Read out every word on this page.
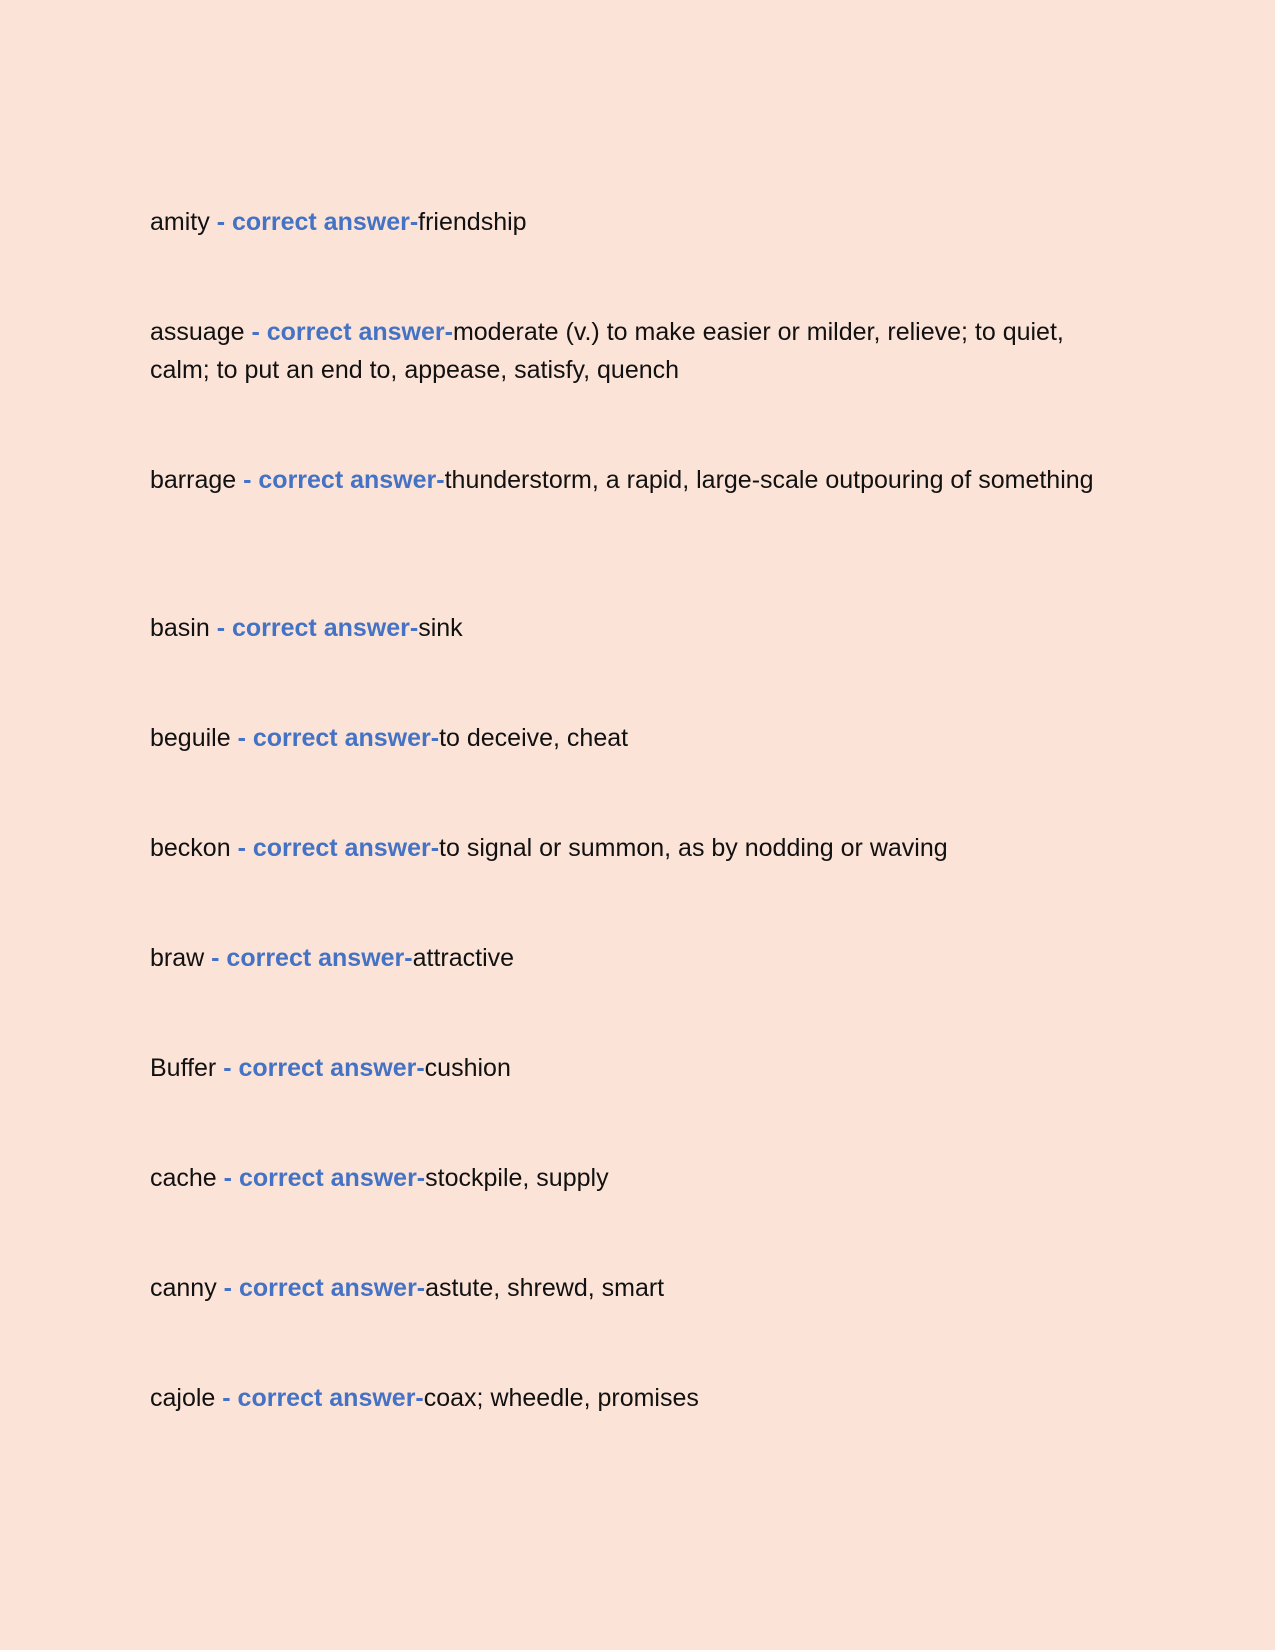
amity - correct answer-friendship

assuage - correct answer-moderate (v.) to make easier or milder, relieve; to quiet, calm; to put an end to, appease, satisfy, quench

barrage - correct answer-thunderstorm, a rapid, large-scale outpouring of something

basin - correct answer-sink

beguile - correct answer-to deceive, cheat

beckon - correct answer-to signal or summon, as by nodding or waving

braw - correct answer-attractive

Buffer - correct answer-cushion

cache - correct answer-stockpile, supply

canny - correct answer-astute, shrewd, smart

cajole - correct answer-coax; wheedle, promises
